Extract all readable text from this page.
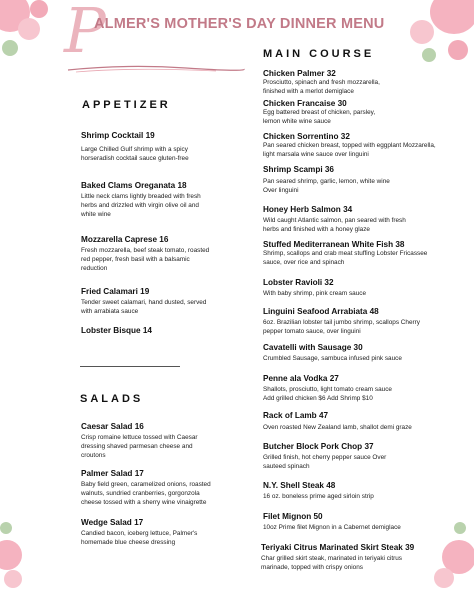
P
ALMER'S MOTHER'S DAY DINNER MENU
APPETIZER
Shrimp Cocktail 19
Large Chilled Gulf shrimp with a spicy horseradish cocktail sauce gluten-free
Baked Clams Oreganata 18
Little neck clams lightly breaded with fresh herbs and drizzled with virgin olive oil and white wine
Mozzarella Caprese 16
Fresh mozzarella, beef steak tomato, roasted red pepper, fresh basil with a balsamic reduction
Fried Calamari 19
Tender sweet calamari, hand dusted, served with arrabiata sauce
Lobster Bisque 14
SALADS
Caesar Salad 16
Crisp romaine lettuce tossed with Caesar dressing shaved parmesan cheese and croutons
Palmer Salad 17
Baby field green, caramelized onions, roasted walnuts, sundried cranberries, gorgonzola cheese tossed with a sherry wine vinaigrette
Wedge Salad 17
Candied bacon, iceberg lettuce, Palmer's homemade blue cheese dressing
MAIN COURSE
Chicken Palmer 32
Prosciutto, spinach and fresh mozzarella, finished with a merlot demiglace
Chicken Francaise 30
Egg battered breast of chicken, parsley, lemon white wine sauce
Chicken Sorrentino 32
Pan seared chicken breast, topped with eggplant Mozzarella, light marsala wine sauce over linguini
Shrimp Scampi 36
Pan seared shrimp, garlic, lemon, white wine Over linguini
Honey Herb Salmon 34
Wild caught Atlantic salmon, pan seared with fresh herbs and finished with a honey glaze
Stuffed Mediterranean White Fish 38
Shrimp, scallops and crab meat stuffing Lobster Fricassee sauce, over rice and spinach
Lobster Ravioli 32
With baby shrimp, pink cream sauce
Linguini Seafood Arrabiata 48
6oz. Brazilian lobster tail jumbo shrimp, scallops Cherry pepper tomato sauce, over linguini
Cavatelli with Sausage 30
Crumbled Sausage, sambuca infused pink sauce
Penne ala Vodka 27
Shallots, prosciutto, light tomato cream sauce Add grilled chicken $6 Add Shrimp $10
Rack of Lamb 47
Oven roasted New Zealand lamb, shallot demi graze
Butcher Block Pork Chop 37
Grilled finish, hot cherry pepper sauce Over sauteed spinach
N.Y. Shell Steak 48
16 oz. boneless prime aged sirloin strip
Filet Mignon 50
10oz Prime filet Mignon in a Cabernet demiglace
Teriyaki Citrus Marinated Skirt Steak 39
Char grilled skirt steak, marinated in teriyaki citrus marinade, topped with crispy onions
